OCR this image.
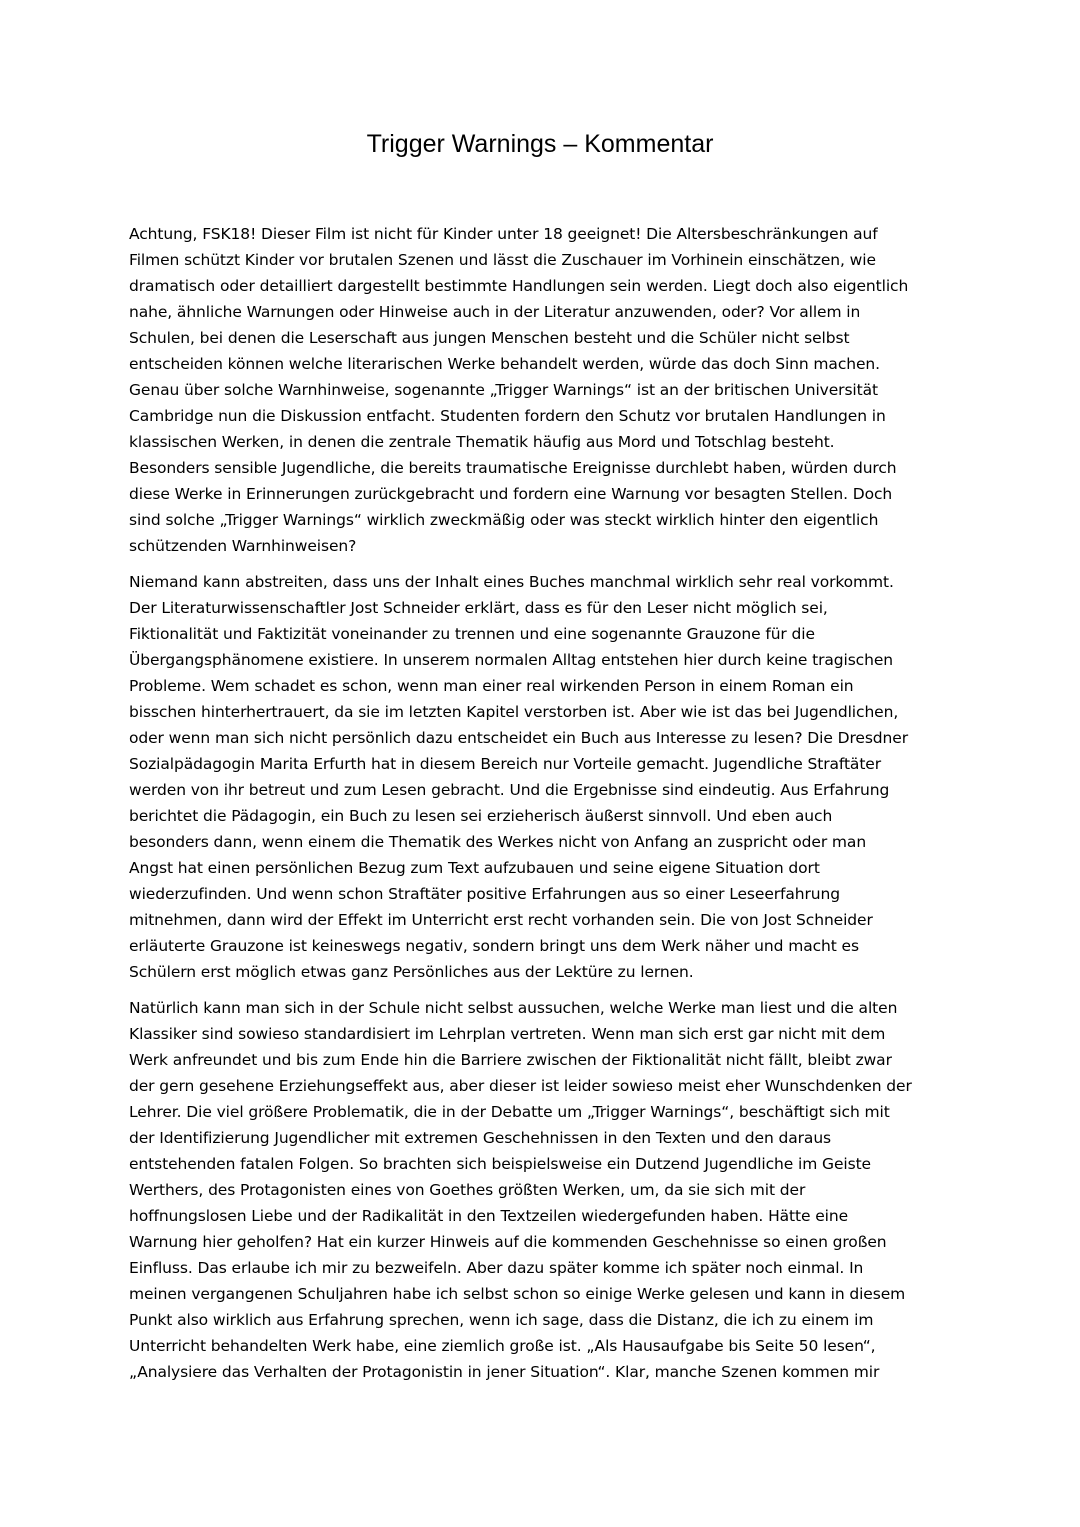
Trigger Warnings – Kommentar
Achtung, FSK18! Dieser Film ist nicht für Kinder unter 18 geeignet! Die Altersbeschränkungen auf
Filmen schützt Kinder vor brutalen Szenen und lässt die Zuschauer im Vorhinein einschätzen, wie
dramatisch oder detailliert dargestellt bestimmte Handlungen sein werden. Liegt doch also eigentlich
nahe, ähnliche Warnungen oder Hinweise auch in der Literatur anzuwenden, oder? Vor allem in
Schulen, bei denen die Leserschaft aus jungen Menschen besteht und die Schüler nicht selbst
entscheiden können welche literarischen Werke behandelt werden, würde das doch Sinn machen.
Genau über solche Warnhinweise, sogenannte „Trigger Warnings“ ist an der britischen Universität
Cambridge nun die Diskussion entfacht. Studenten fordern den Schutz vor brutalen Handlungen in
klassischen Werken, in denen die zentrale Thematik häufig aus Mord und Totschlag besteht.
Besonders sensible Jugendliche, die bereits traumatische Ereignisse durchlebt haben, würden durch
diese Werke in Erinnerungen zurückgebracht und fordern eine Warnung vor besagten Stellen. Doch
sind solche „Trigger Warnings“ wirklich zweckmäßig oder was steckt wirklich hinter den eigentlich
schützenden Warnhinweisen?
Niemand kann abstreiten, dass uns der Inhalt eines Buches manchmal wirklich sehr real vorkommt.
Der Literaturwissenschaftler Jost Schneider erklärt, dass es für den Leser nicht möglich sei,
Fiktionalität und Faktizität voneinander zu trennen und eine sogenannte Grauzone für die
Übergangsphänomene existiere. In unserem normalen Alltag entstehen hier durch keine tragischen
Probleme. Wem schadet es schon, wenn man einer real wirkenden Person in einem Roman ein
bisschen hinterhertrauert, da sie im letzten Kapitel verstorben ist. Aber wie ist das bei Jugendlichen,
oder wenn man sich nicht persönlich dazu entscheidet ein Buch aus Interesse zu lesen? Die Dresdner
Sozialpädagogin Marita Erfurth hat in diesem Bereich nur Vorteile gemacht. Jugendliche Straftäter
werden von ihr betreut und zum Lesen gebracht. Und die Ergebnisse sind eindeutig. Aus Erfahrung
berichtet die Pädagogin, ein Buch zu lesen sei erzieherisch äußerst sinnvoll. Und eben auch
besonders dann, wenn einem die Thematik des Werkes nicht von Anfang an zuspricht oder man
Angst hat einen persönlichen Bezug zum Text aufzubauen und seine eigene Situation dort
wiederzufinden. Und wenn schon Straftäter positive Erfahrungen aus so einer Leseerfahrung
mitnehmen, dann wird der Effekt im Unterricht erst recht vorhanden sein. Die von Jost Schneider
erläuterte Grauzone ist keineswegs negativ, sondern bringt uns dem Werk näher und macht es
Schülern erst möglich etwas ganz Persönliches aus der Lektüre zu lernen.
Natürlich kann man sich in der Schule nicht selbst aussuchen, welche Werke man liest und die alten
Klassiker sind sowieso standardisiert im Lehrplan vertreten. Wenn man sich erst gar nicht mit dem
Werk anfreundet und bis zum Ende hin die Barriere zwischen der Fiktionalität nicht fällt, bleibt zwar
der gern gesehene Erziehungseffekt aus, aber dieser ist leider sowieso meist eher Wunschdenken der
Lehrer. Die viel größere Problematik, die in der Debatte um „Trigger Warnings“, beschäftigt sich mit
der Identifizierung Jugendlicher mit extremen Geschehnissen in den Texten und den daraus
entstehenden fatalen Folgen. So brachten sich beispielsweise ein Dutzend Jugendliche im Geiste
Werthers, des Protagonisten eines von Goethes größten Werken, um, da sie sich mit der
hoffnungslosen Liebe und der Radikalität in den Textzeilen wiedergefunden haben. Hätte eine
Warnung hier geholfen? Hat ein kurzer Hinweis auf die kommenden Geschehnisse so einen großen
Einfluss. Das erlaube ich mir zu bezweifeln. Aber dazu später komme ich später noch einmal. In
meinen vergangenen Schuljahren habe ich selbst schon so einige Werke gelesen und kann in diesem
Punkt also wirklich aus Erfahrung sprechen, wenn ich sage, dass die Distanz, die ich zu einem im
Unterricht behandelten Werk habe, eine ziemlich große ist. „Als Hausaufgabe bis Seite 50 lesen“,
„Analysiere das Verhalten der Protagonistin in jener Situation“. Klar, manche Szenen kommen mir
